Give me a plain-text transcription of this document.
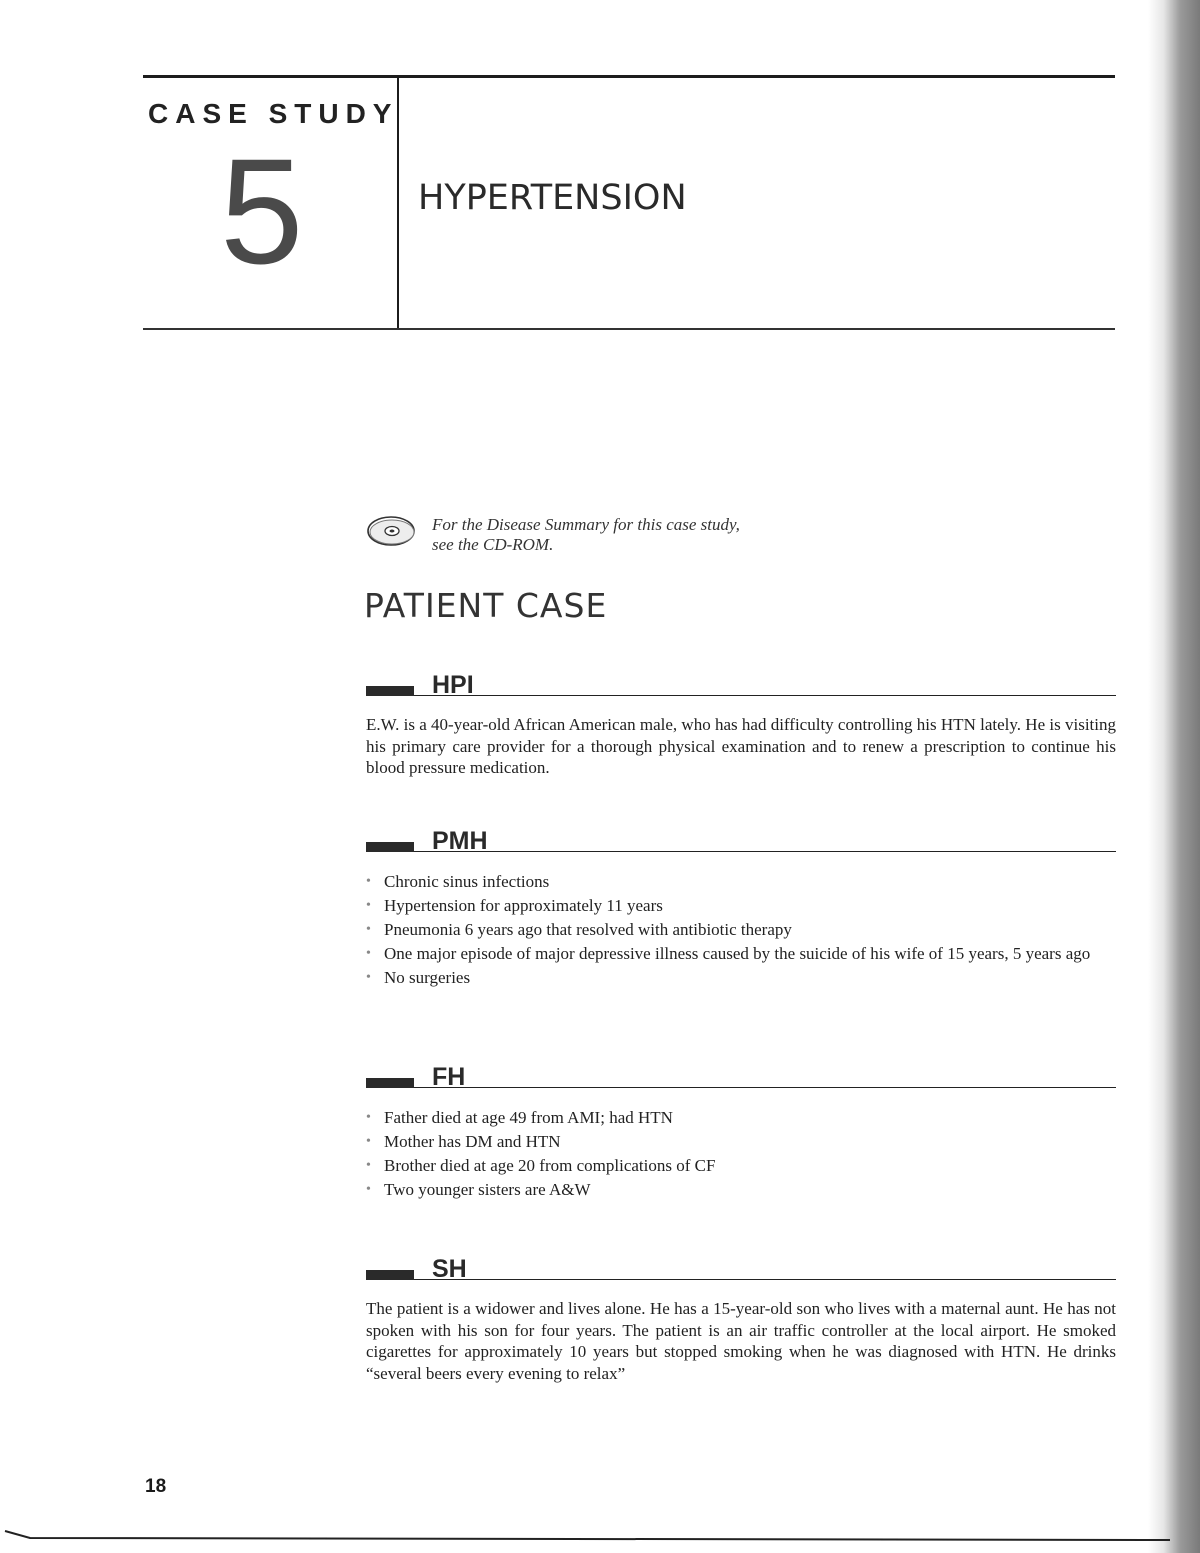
CASE STUDY
5	HYPERTENSION
For the Disease Summary for this case study,
see the CD-ROM.
PATIENT CASE
HPI
E.W. is a 40-year-old African American male, who has had difficulty controlling his HTN lately. He is visiting his primary care provider for a thorough physical examination and to renew a prescription to continue his blood pressure medication.
PMH
• Chronic sinus infections
• Hypertension for approximately 11 years
• Pneumonia 6 years ago that resolved with antibiotic therapy
• One major episode of major depressive illness caused by the suicide of his wife of 15 years, 5 years ago
• No surgeries
FH
• Father died at age 49 from AMI; had HTN
• Mother has DM and HTN
• Brother died at age 20 from complications of CF
• Two younger sisters are A&W
SH
The patient is a widower and lives alone. He has a 15-year-old son who lives with a maternal aunt. He has not spoken with his son for four years. The patient is an air traffic controller at the local airport. He smoked cigarettes for approximately 10 years but stopped smoking when he was diagnosed with HTN. He drinks “several beers every evening to relax”
18
